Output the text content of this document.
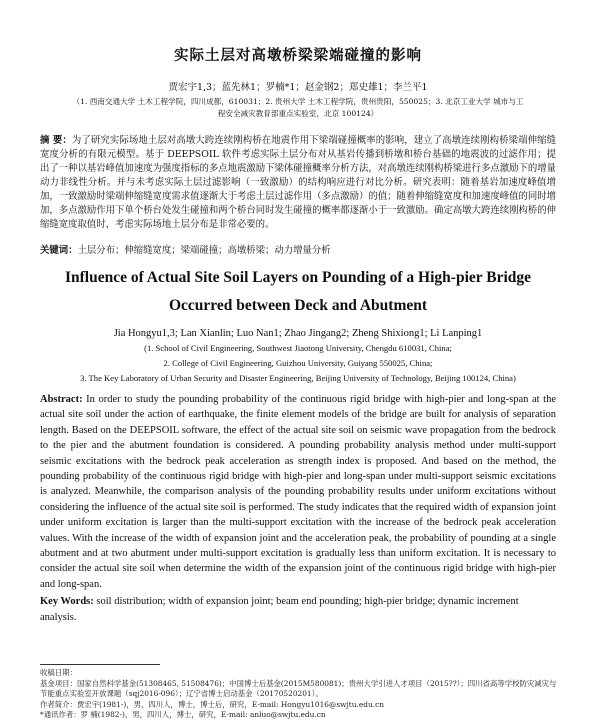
实际土层对高墩桥梁梁端碰撞的影响
贾宏宇1,3；蓝先林1；罗楠*1；赵金钢2；郑史雄1；李兰平1
（1. 西南交通大学 土木工程学院，四川成都，610031；2. 贵州大学 土木工程学院，贵州贵阳，550025；3. 北京工业大学 城市与工程安全减灾教育部重点实验室，北京 100124）
摘 要：为了研究实际场地土层对高墩大跨连续刚构桥在地震作用下梁端碰撞概率的影响，建立了高墩连续刚构桥梁端伸缩缝宽度分析的有限元模型。基于 DEEPSOIL 软件考虑实际土层分布对从基岩传播到桥墩和桥台基础的地震波的过滤作用；提出了一种以基岩峰值加速度为强度指标的多点地震激励下梁体碰撞概率分析方法，对高墩连续刚构桥梁进行多点激励下的增量动力非线性分析。并与未考虑实际土层过滤影响（一致激励）的结构响应进行对比分析。研究表明：随着基岩加速度峰值增加，一致激励时梁端伸缩缝宽度需求值逐渐大于考虑土层过滤作用（多点激励）的值；随着伸缩缝宽度和加速度峰值的同时增加，多点激励作用下单个桥台处发生碰撞和两个桥台同时发生碰撞的概率都逐渐小于一致激励。确定高墩大跨连续刚构桥的伸缩缝宽度取值时，考虑实际场地土层分布是非常必要的。
关键词：土层分布；伸缩缝宽度；梁端碰撞；高墩桥梁；动力增量分析
Influence of Actual Site Soil Layers on Pounding of a High-pier Bridge
Occurred between Deck and Abutment
Jia Hongyu1,3; Lan Xianlin; Luo Nan1; Zhao Jingang2; Zheng Shixiong1; Li Lanping1
(1. School of Civil Engineering, Southwest Jiaotong University, Chengdu 610031, China;
2. College of Civil Engineering, Guizhou University, Guiyang 550025, China;
3. The Key Laboratory of Urban Security and Disaster Engineering, Beijing University of Technology, Beijing 100124, China)
Abstract: In order to study the pounding probability of the continuous rigid bridge with high-pier and long-span at the actual site soil under the action of earthquake, the finite element models of the bridge are built for analysis of separation length. Based on the DEEPSOIL software, the effect of the actual site soil on seismic wave propagation from the bedrock to the pier and the abutment foundation is considered. A pounding probability analysis method under multi-support seismic excitations with the bedrock peak acceleration as strength index is proposed. And based on the method, the pounding probability of the continuous rigid bridge with high-pier and long-span under multi-support seismic excitations is analyzed. Meanwhile, the comparison analysis of the pounding probability results under uniform excitations without considering the influence of the actual site soil is performed. The study indicates that the required width of expansion joint under uniform excitation is larger than the multi-support excitation with the increase of the bedrock peak acceleration values. With the increase of the width of expansion joint and the acceleration peak, the probability of pounding at a single abutment and at two abutment under multi-support excitation is gradually less than uniform excitation. It is necessary to consider the actual site soil when determine the width of the expansion joint of the continuous rigid bridge with high-pier and long-span.
Key Words: soil distribution; width of expansion joint; beam end pounding; high-pier bridge; dynamic increment analysis.
收稿日期：
基金项目：国家自然科学基金(51308465, 51508476)；中国博士后基金(2015M580081)；贵州大学引进人才项目（2015??）；四川省高等学校防灾减灾与节能重点实验室开放课题（sqj2016-096）；辽宁省博士启动基金（20170520201）。
作者简介：贾宏宇(1981-)，男，四川人，博士，博士后，研究，E-mail: Hongyu1016@swjtu.edu.cn
*通讯作者：罗 楠(1982-)，男，四川人，博士，研究，E-mail: anluo@swjtu.edu.cn
